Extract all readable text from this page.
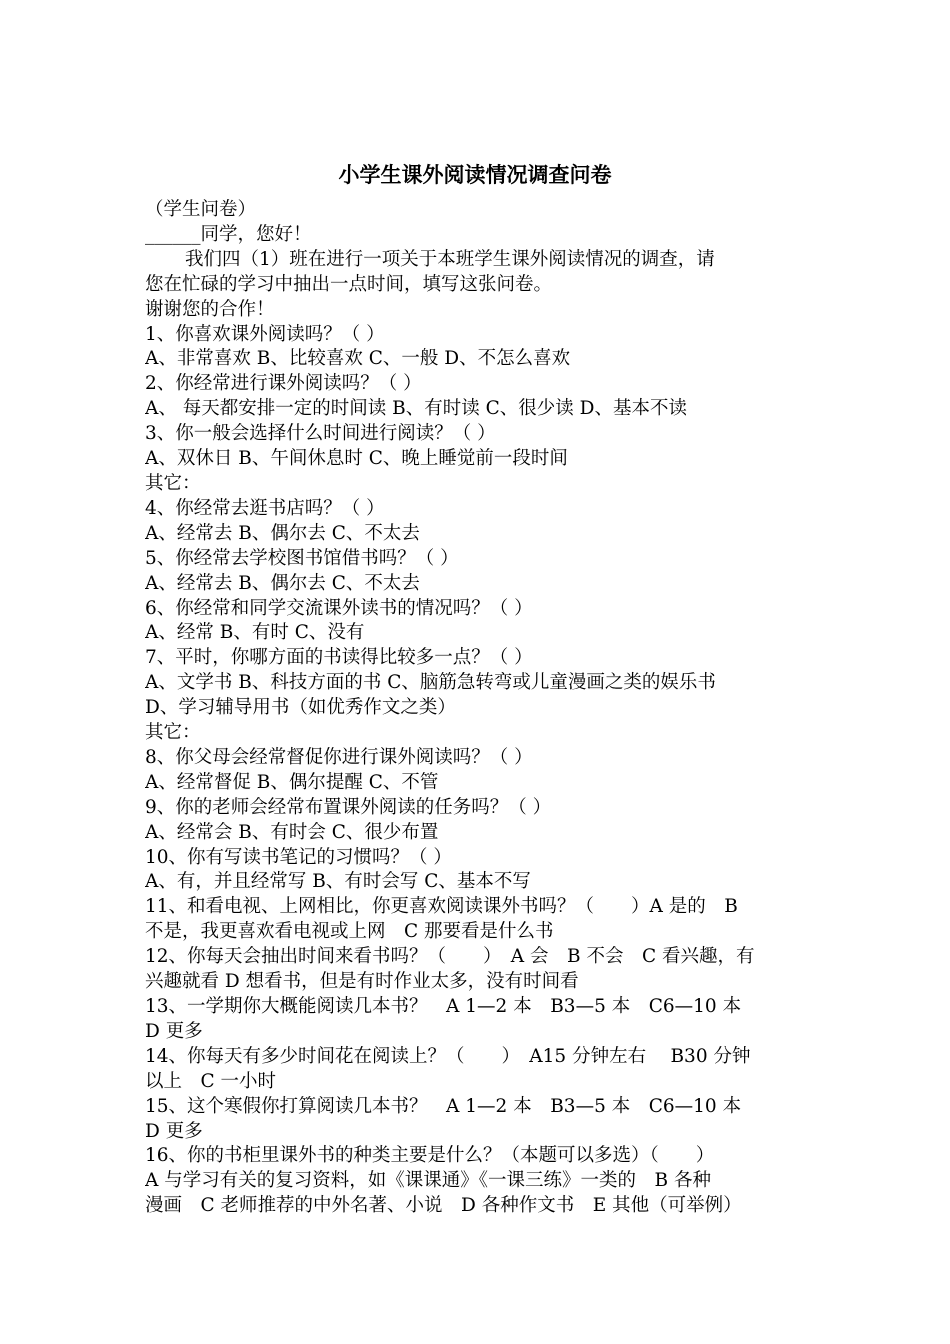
小学生课外阅读情况调查问卷
（学生问卷）
______同学，您好！
我们四（1）班在进行一项关于本班学生课外阅读情况的调查，请
您在忙碌的学习中抽出一点时间，填写这张问卷。
谢谢您的合作！
1、你喜欢课外阅读吗？（ ）
A、非常喜欢 B、比较喜欢 C、一般 D、不怎么喜欢
2、你经常进行课外阅读吗？（ ）
A、 每天都安排一定的时间读 B、有时读 C、很少读 D、基本不读
3、你一般会选择什么时间进行阅读？（ ）
A、双休日 B、午间休息时 C、晚上睡觉前一段时间
其它：
4、你经常去逛书店吗？（ ）
A、经常去 B、偶尔去 C、不太去
5、你经常去学校图书馆借书吗？（ ）
A、经常去 B、偶尔去 C、不太去
6、你经常和同学交流课外读书的情况吗？（ ）
A、经常 B、有时 C、没有
7、平时，你哪方面的书读得比较多一点？（ ）
A、文学书 B、科技方面的书 C、脑筋急转弯或儿童漫画之类的娱乐书
D、学习辅导用书（如优秀作文之类）
其它：
8、你父母会经常督促你进行课外阅读吗？（ ）
A、经常督促 B、偶尔提醒 C、不管
9、你的老师会经常布置课外阅读的任务吗？（ ）
A、经常会 B、有时会 C、很少布置
10、你有写读书笔记的习惯吗？（ ）
A、有，并且经常写 B、有时会写 C、基本不写
11、和看电视、上网相比，你更喜欢阅读课外书吗？（　　）A 是的　B
不是，我更喜欢看电视或上网　C 那要看是什么书
12、你每天会抽出时间来看书吗？（　　）　A 会　B 不会　C 看兴趣，有
兴趣就看 D 想看书，但是有时作业太多，没有时间看
13、一学期你大概能阅读几本书？　A 1—2 本　B3—5 本　C6—10 本
D 更多
14、你每天有多少时间花在阅读上？（　　）　A15 分钟左右　 B30 分钟
以上　C 一小时
15、这个寒假你打算阅读几本书？　A 1—2 本　B3—5 本　C6—10 本
D 更多
16、你的书柜里课外书的种类主要是什么？（本题可以多选）（　　）
A 与学习有关的复习资料，如《课课通》《一课三练》一类的　B 各种
漫画　C 老师推荐的中外名著、小说　D 各种作文书　E 其他（可举例）
